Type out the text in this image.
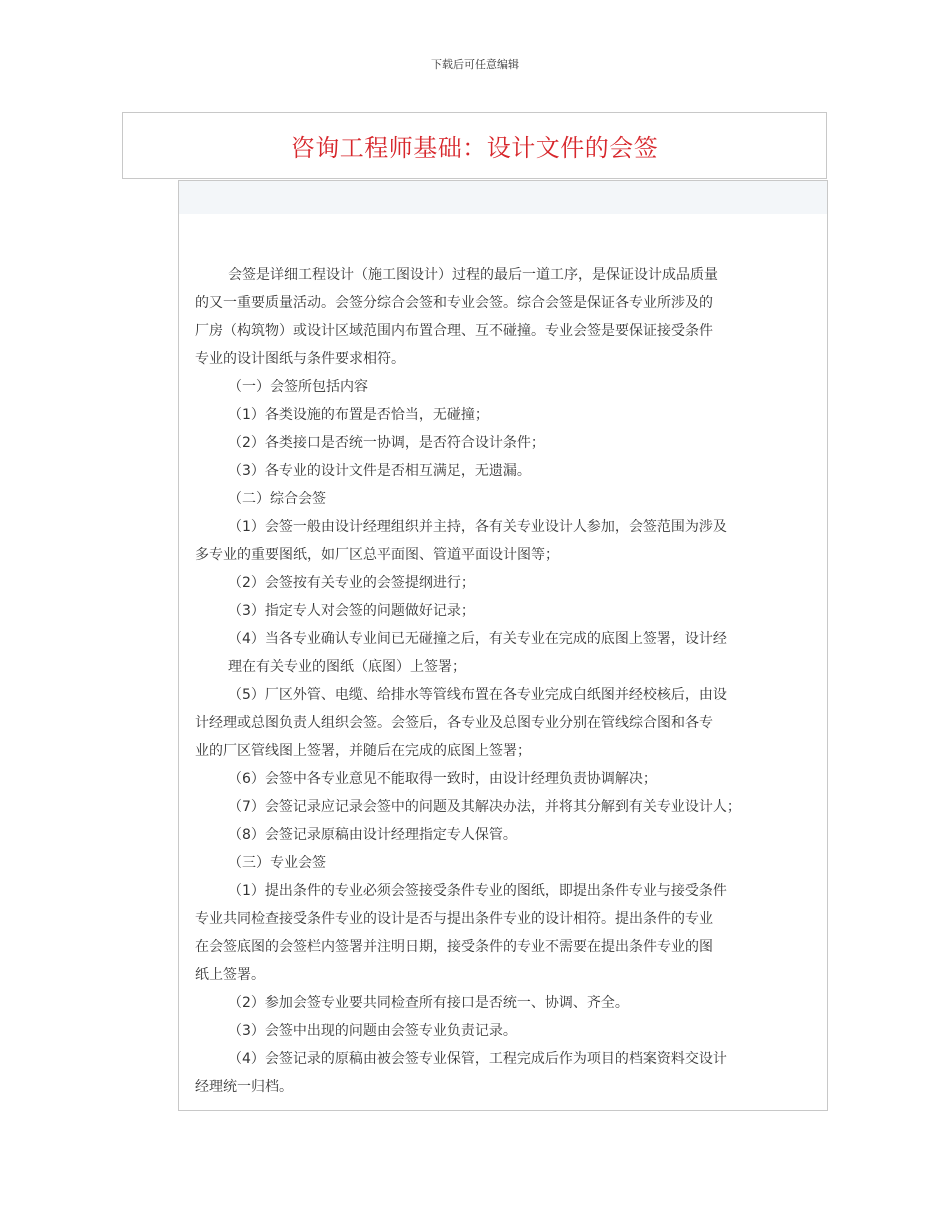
下载后可任意编辑
咨询工程师基础：设计文件的会签

会签是详细工程设计（施工图设计）过程的最后一道工序，是保证设计成品质量
的又一重要质量活动。会签分综合会签和专业会签。综合会签是保证各专业所涉及的
厂房（构筑物）或设计区域范围内布置合理、互不碰撞。专业会签是要保证接受条件
专业的设计图纸与条件要求相符。

（一）会签所包括内容

（1）各类设施的布置是否恰当，无碰撞；

（2）各类接口是否统一协调，是否符合设计条件；

（3）各专业的设计文件是否相互满足，无遗漏。

（二）综合会签

（1）会签一般由设计经理组织并主持，各有关专业设计人参加，会签范围为涉及
多专业的重要图纸，如厂区总平面图、管道平面设计图等；

（2）会签按有关专业的会签提纲进行；

（3）指定专人对会签的问题做好记录；

（4）当各专业确认专业间已无碰撞之后，有关专业在完成的底图上签署，设计经
理在有关专业的图纸（底图）上签署；

（5）厂区外管、电缆、给排水等管线布置在各专业完成白纸图并经校核后，由设
计经理或总图负责人组织会签。会签后，各专业及总图专业分别在管线综合图和各专
业的厂区管线图上签署，并随后在完成的底图上签署；

（6）会签中各专业意见不能取得一致时，由设计经理负责协调解决；

（7）会签记录应记录会签中的问题及其解决办法，并将其分解到有关专业设计人；

（8）会签记录原稿由设计经理指定专人保管。

（三）专业会签

（1）提出条件的专业必须会签接受条件专业的图纸，即提出条件专业与接受条件
专业共同检查接受条件专业的设计是否与提出条件专业的设计相符。提出条件的专业
在会签底图的会签栏内签署并注明日期，接受条件的专业不需要在提出条件专业的图
纸上签署。

（2）参加会签专业要共同检查所有接口是否统一、协调、齐全。

（3）会签中出现的问题由会签专业负责记录。

（4）会签记录的原稿由被会签专业保管，工程完成后作为项目的档案资料交设计
经理统一归档。
